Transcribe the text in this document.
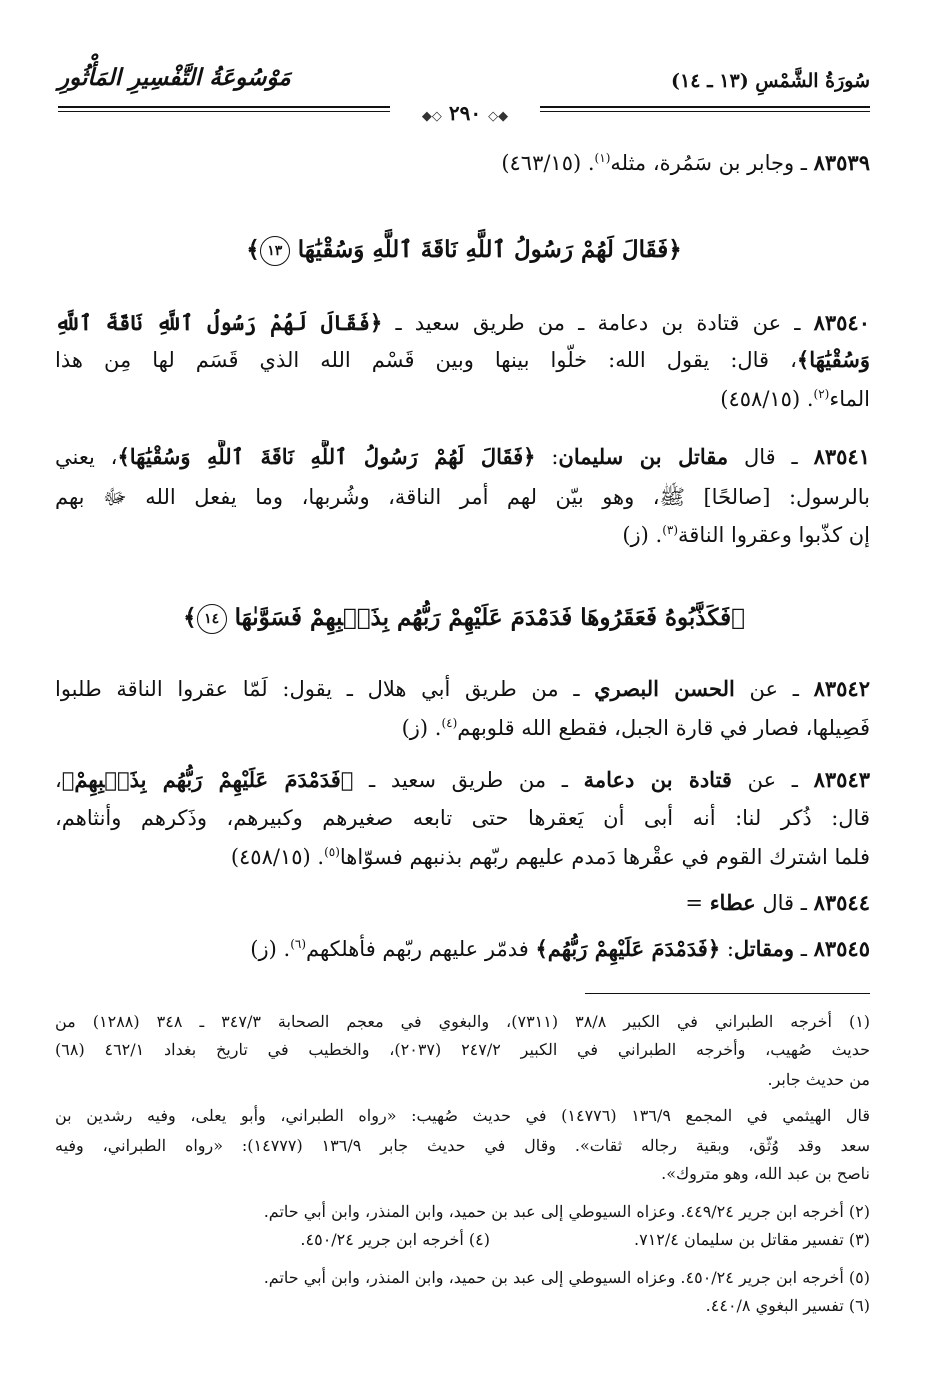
سُورَةُ الشَّمْسِ (١٣ ـ ١٤)
مَوْسُوعَةُ التَّفْسِيرِ المَأْثُورِ
◆◇ ٢٩٠ ◇◆
٨٣٥٣٩ ـ وجابر بن سَمُرة، مثله$^{(١)}$. (٤٦٣/١٥)
﴿فَقَالَ لَهُمْ رَسُولُ ٱللَّهِ نَاقَةَ ٱللَّهِ وَسُقْيَٰهَا ١٣﴾
٨٣٥٤٠ ـ عن قتادة بن دعامة ـ من طريق سعيد ـ ﴿فَقَالَ لَهُمْ رَسُولُ ٱللَّهِ نَاقَةَ ٱللَّهِ
وَسُقْيَٰهَا﴾، قال: يقول الله: خلّوا بينها وبين قَسْم الله الذي قَسَم لها مِن هذا
الماء$^{(٢)}$. (٤٥٨/١٥)
٨٣٥٤١ ـ قال مقاتل بن سليمان: ﴿فَقَالَ لَهُمْ رَسُولُ ٱللَّهِ نَاقَةَ ٱللَّهِ وَسُقْيَٰهَا﴾، يعني
بالرسول: [صالحًا] ﷺ، وهو بيّن لهم أمر الناقة، وشُربها، وما يفعل الله ﷻ بهم
إن كذّبوا وعقروا الناقة$^{(٣)}$. (ز)
﴿فَكَذَّبُوهُ فَعَقَرُوهَا فَدَمْدَمَ عَلَيْهِمْ رَبُّهُم بِذَنۢبِهِمْ فَسَوَّىٰهَا ١٤﴾
٨٣٥٤٢ ـ عن الحسن البصري ـ من طريق أبي هلال ـ يقول: لَمّا عقروا الناقة طلبوا
فَصِيلها، فصار في قارة الجبل، فقطع الله قلوبهم$^{(٤)}$. (ز)
٨٣٥٤٣ ـ عن قتادة بن دعامة ـ من طريق سعيد ـ ﴿فَدَمْدَمَ عَلَيْهِمْ رَبُّهُم بِذَنۢبِهِمْ﴾،
قال: ذُكر لنا: أنه أبى أن يَعقرها حتى تابعه صغيرهم وكبيرهم، وذَكرهم وأنثاهم،
فلما اشترك القوم في عقْرها دَمدم عليهم ربّهم بذنبهم فسوّاها$^{(٥)}$. (٤٥٨/١٥)
٨٣٥٤٤ ـ قال عطاء =
٨٣٥٤٥ ـ ومقاتل: ﴿فَدَمْدَمَ عَلَيْهِمْ رَبُّهُم﴾ فدمّر عليهم ربّهم فأهلكهم$^{(٦)}$. (ز)
(١) أخرجه الطبراني في الكبير ٣٨/٨ (٧٣١١)، والبغوي في معجم الصحابة ٣٤٧/٣ ـ ٣٤٨ (١٢٨٨) من
حديث صُهيب، وأخرجه الطبراني في الكبير ٢٤٧/٢ (٢٠٣٧)، والخطيب في تاريخ بغداد ٤٦٢/١ (٦٨)
من حديث جابر.
قال الهيثمي في المجمع ١٣٦/٩ (١٤٧٧٦) في حديث صُهيب: «رواه الطبراني، وأبو يعلى، وفيه رشدين بن
سعد وقد وُثّق، وبقية رجاله ثقات». وقال في حديث جابر ١٣٦/٩ (١٤٧٧٧): «رواه الطبراني، وفيه
ناصح بن عبد الله، وهو متروك».
(٢) أخرجه ابن جرير ٤٤٩/٢٤. وعزاه السيوطي إلى عبد بن حميد، وابن المنذر، وابن أبي حاتم.
(٣) تفسير مقاتل بن سليمان ٧١٢/٤.
(٤) أخرجه ابن جرير ٤٥٠/٢٤.
(٥) أخرجه ابن جرير ٤٥٠/٢٤. وعزاه السيوطي إلى عبد بن حميد، وابن المنذر، وابن أبي حاتم.
(٦) تفسير البغوي ٤٤٠/٨.
